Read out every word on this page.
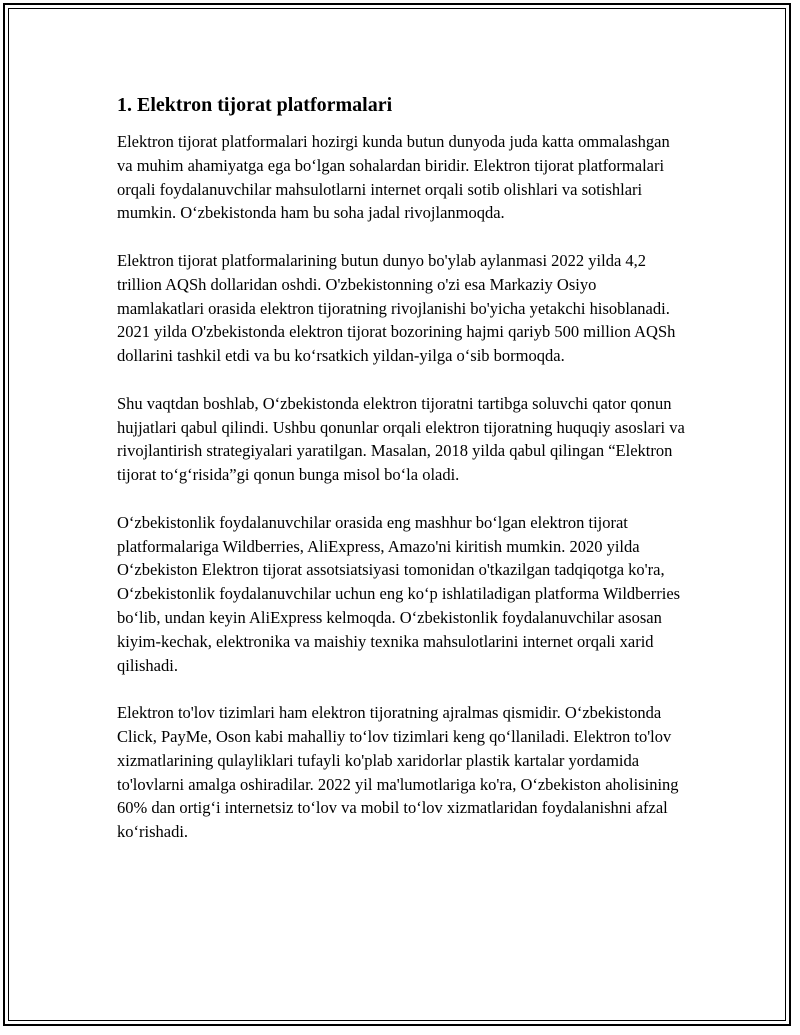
1. Elektron tijorat platformalari

Elektron tijorat platformalari hozirgi kunda butun dunyoda juda katta ommalashgan va muhim ahamiyatga ega bo‘lgan sohalardan biridir. Elektron tijorat platformalari orqali foydalanuvchilar mahsulotlarni internet orqali sotib olishlari va sotishlari mumkin. O‘zbekistonda ham bu soha jadal rivojlanmoqda.

Elektron tijorat platformalarining butun dunyo bo'ylab aylanmasi 2022 yilda 4,2 trillion AQSh dollaridan oshdi. O'zbekistonning o'zi esa Markaziy Osiyo mamlakatlari orasida elektron tijoratning rivojlanishi bo'yicha yetakchi hisoblanadi. 2021 yilda O'zbekistonda elektron tijorat bozorining hajmi qariyb 500 million AQSh dollarini tashkil etdi va bu ko‘rsatkich yildan-yilga o‘sib bormoqda.

Shu vaqtdan boshlab, O‘zbekistonda elektron tijoratni tartibga soluvchi qator qonun hujjatlari qabul qilindi. Ushbu qonunlar orqali elektron tijoratning huquqiy asoslari va rivojlantirish strategiyalari yaratilgan. Masalan, 2018 yilda qabul qilingan “Elektron tijorat to‘g‘risida”gi qonun bunga misol bo‘la oladi.

O‘zbekistonlik foydalanuvchilar orasida eng mashhur bo‘lgan elektron tijorat platformalariga Wildberries, AliExpress, Amazo'ni kiritish mumkin. 2020 yilda O‘zbekiston Elektron tijorat assotsiatsiyasi tomonidan o'tkazilgan tadqiqotga ko'ra, O‘zbekistonlik foydalanuvchilar uchun eng ko‘p ishlatiladigan platforma Wildberries bo‘lib, undan keyin AliExpress kelmoqda. O‘zbekistonlik foydalanuvchilar asosan kiyim-kechak, elektronika va maishiy texnika mahsulotlarini internet orqali xarid qilishadi.

Elektron to'lov tizimlari ham elektron tijoratning ajralmas qismidir. O‘zbekistonda Click, PayMe, Oson kabi mahalliy to‘lov tizimlari keng qo‘llaniladi. Elektron to'lov xizmatlarining qulayliklari tufayli ko'plab xaridorlar plastik kartalar yordamida to'lovlarni amalga oshiradilar. 2022 yil ma'lumotlariga ko'ra, O‘zbekiston aholisining 60% dan ortig‘i internetsiz to‘lov va mobil to‘lov xizmatlaridan foydalanishni afzal ko‘rishadi.
